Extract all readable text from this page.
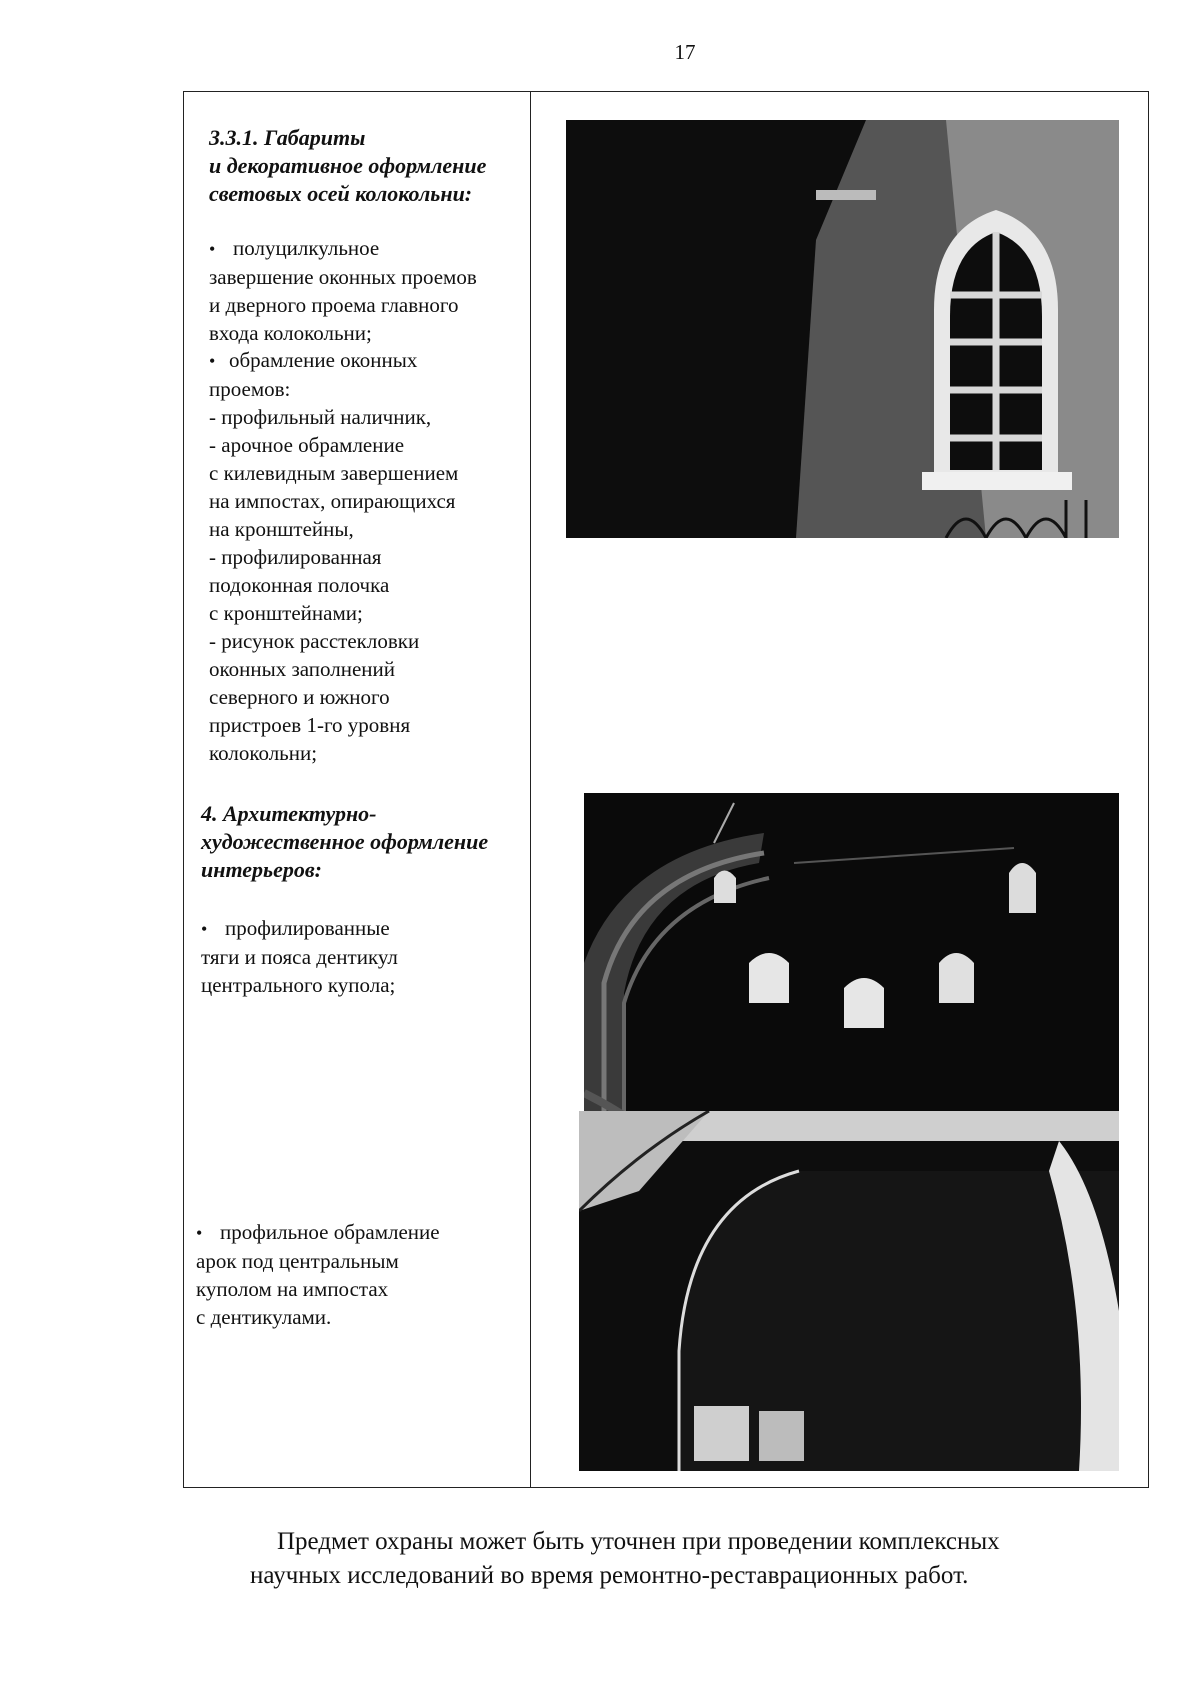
17
3.3.1. Габариты
и декоративное оформление
световых осей колокольни:
• полуцилкульное
завершение оконных проемов
и дверного проема главного
входа колокольни;
• обрамление оконных
проемов:
- профильный наличник,
- арочное обрамление
с килевидным завершением
на импостах, опирающихся
на кронштейны,
- профилированная
подоконная полочка
с кронштейнами;
- рисунок расстекловки
оконных заполнений
северного и южного
пристроев 1-го уровня
колокольни;
4. Архитектурно-
художественное оформление
интерьеров:
• профилированные
тяги и пояса дентикул
центрального купола;
• профильное обрамление
арок под центральным
куполом на импостах
с дентикулами.
Предмет охраны может быть уточнен при проведении комплексных
научных исследований во время ремонтно-реставрационных работ.
